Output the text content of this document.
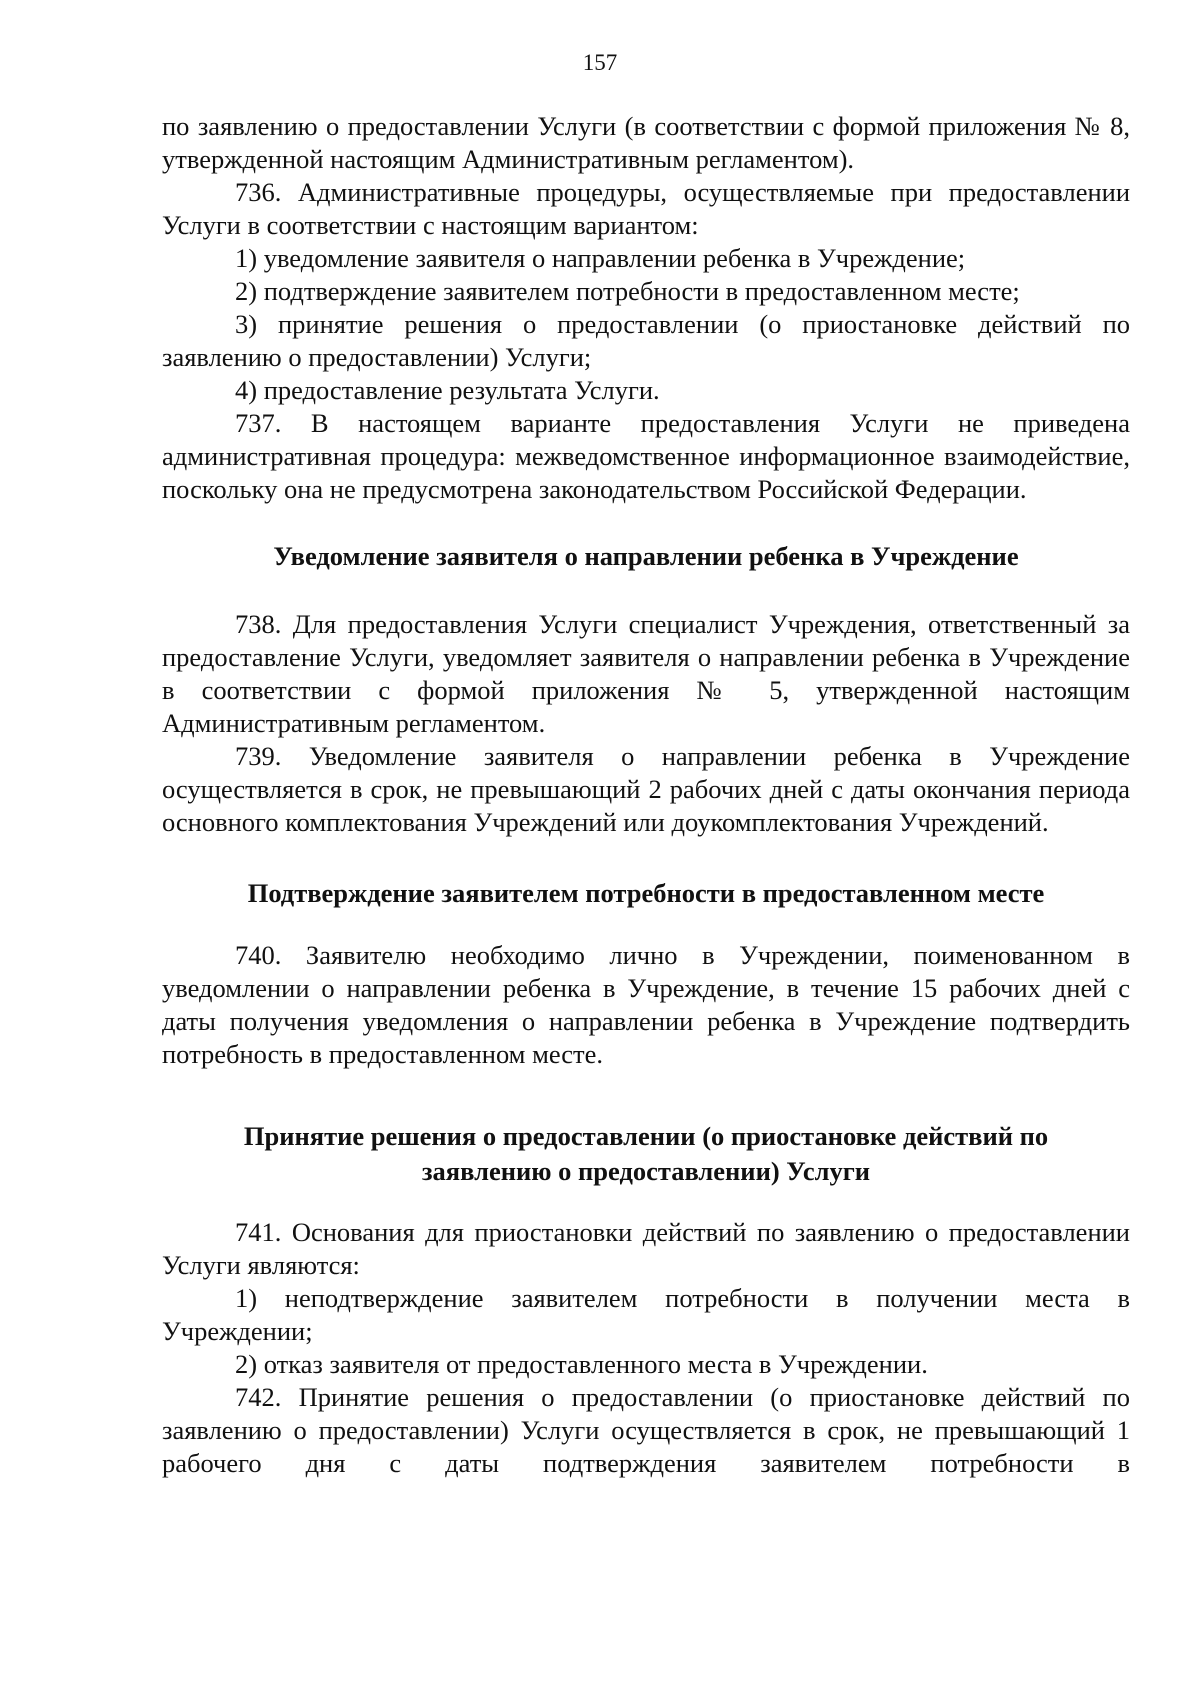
157

по заявлению о предоставлении Услуги (в соответствии с формой приложения № 8, утвержденной настоящим Административным регламентом).

736. Административные процедуры, осуществляемые при предоставлении Услуги в соответствии с настоящим вариантом:

1) уведомление заявителя о направлении ребенка в Учреждение;

2) подтверждение заявителем потребности в предоставленном месте;

3) принятие решения о предоставлении (о приостановке действий по заявлению о предоставлении) Услуги;

4) предоставление результата Услуги.

737. В настоящем варианте предоставления Услуги не приведена административная процедура: межведомственное информационное взаимодействие, поскольку она не предусмотрена законодательством Российской Федерации.

Уведомление заявителя о направлении ребенка в Учреждение

738. Для предоставления Услуги специалист Учреждения, ответственный за предоставление Услуги, уведомляет заявителя о направлении ребенка в Учреждение в соответствии с формой приложения № 5, утвержденной настоящим Административным регламентом.

739. Уведомление заявителя о направлении ребенка в Учреждение осуществляется в срок, не превышающий 2 рабочих дней с даты окончания периода основного комплектования Учреждений или доукомплектования Учреждений.

Подтверждение заявителем потребности в предоставленном месте

740. Заявителю необходимо лично в Учреждении, поименованном в уведомлении о направлении ребенка в Учреждение, в течение 15 рабочих дней с даты получения уведомления о направлении ребенка в Учреждение подтвердить потребность в предоставленном месте.

Принятие решения о предоставлении (о приостановке действий по
заявлению о предоставлении) Услуги

741. Основания для приостановки действий по заявлению о предоставлении Услуги являются:

1) неподтверждение заявителем потребности в получении места в Учреждении;

2) отказ заявителя от предоставленного места в Учреждении.

742. Принятие решения о предоставлении (о приостановке действий по заявлению о предоставлении) Услуги осуществляется в срок, не превышающий 1 рабочего дня с даты подтверждения заявителем потребности в
